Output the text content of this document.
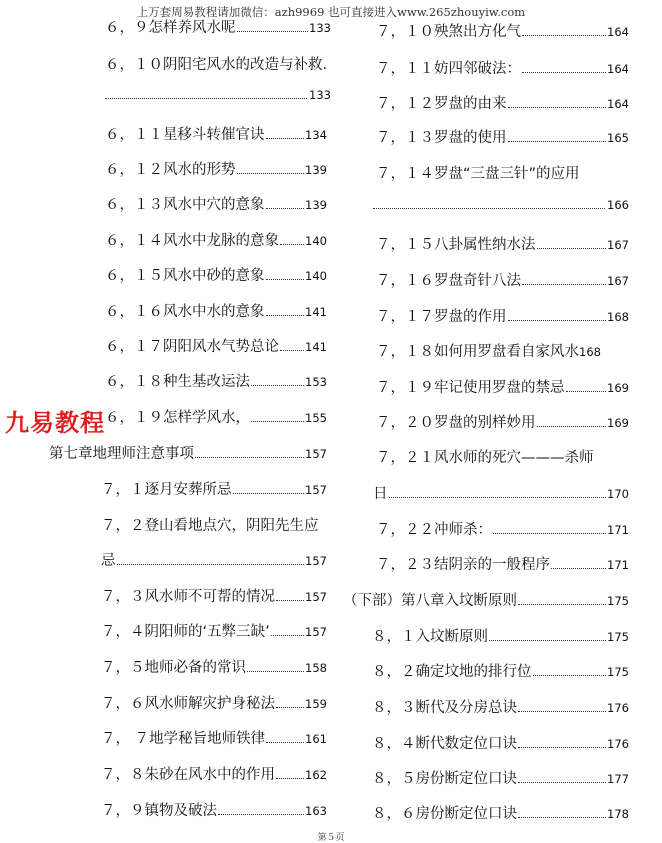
上万套周易教程请加微信：azh9969 也可直接进入www.265zhouyiw.com
６，９怎样养风水呢	133
６，１０阴阳宅风水的改造与补救.
133
６，１１星移斗转催官诀	134
６，１２风水的形势	139
６，１３风水中穴的意象	139
６，１４风水中龙脉的意象 140
６，１５风水中砂的意象	140
６，１６风水中水的意象	141
６，１７阴阳风水气势总论 141
６，１８种生基改运法	153
６，１９怎样学风水，	155
第七章地理师注意事项	157
７，１逐月安葬所忌	157
７，２登山看地点穴，阴阳先生应
忌	157
７，３风水师不可帮的情况	157
７，４阴阳师的‘五弊三缺’	157
７，５地师必备的常识	158
７，６风水师解灾护身秘法	159
７， ７地学秘旨地师铁律	161
７，８朱砂在风水中的作用	162
７，９镇物及破法	163
７，１０殃煞出方化气	164
７，１１妨四邻破法：	164
７，１２罗盘的由来	164
７，１３罗盘的使用	165
７，１４罗盘“三盘三针”的应用
166
７，１５八卦属性纳水法	167
７，１６罗盘奇针八法	167
７，１７罗盘的作用	168
７，１８如何用罗盘看自家风水 168
７，１９牢记使用罗盘的禁忌	169
７，２０罗盘的别样妙用	169
７，２１风水师的死穴———杀师
日	170
７，２２冲师杀：	171
７，２３结阴亲的一般程序	171
（下部）第八章入坟断原则	175
８，１入坟断原则	175
８，２确定坟地的排行位	175
８，３断代及分房总诀	176
８，４断代数定位口诀	176
８，５房份断定位口诀	177
８，６房份断定位口诀	178
九易教程
第５页
